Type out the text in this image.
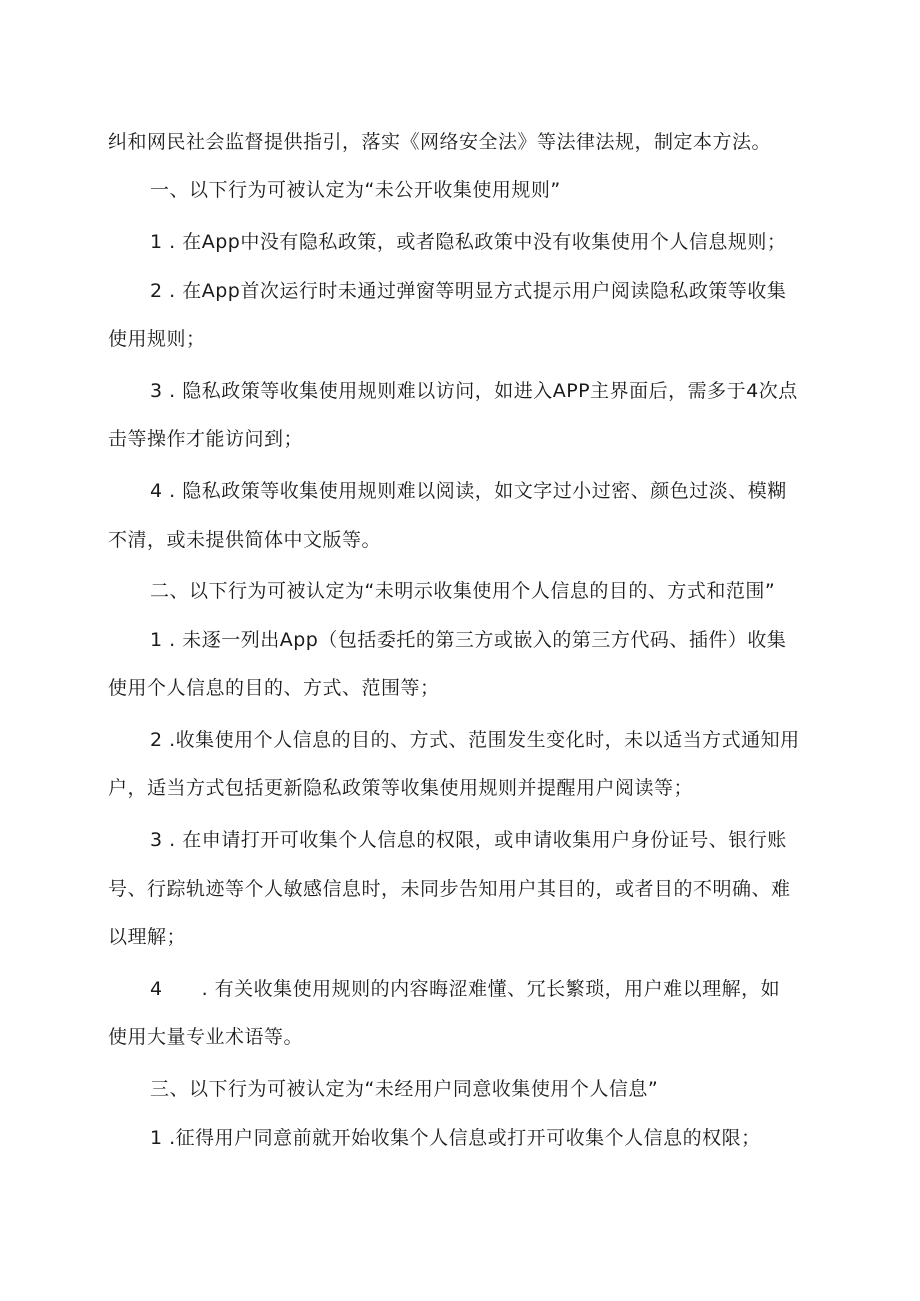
纠和网民社会监督提供指引，落实《网络安全法》等法律法规，制定本方法。
一、以下行为可被认定为“未公开收集使用规则”
1 . 在App中没有隐私政策，或者隐私政策中没有收集使用个人信息规则；
2 . 在App首次运行时未通过弹窗等明显方式提示用户阅读隐私政策等收集
使用规则；
3 . 隐私政策等收集使用规则难以访问，如进入APP主界面后，需多于4次点
击等操作才能访问到；
4 . 隐私政策等收集使用规则难以阅读，如文字过小过密、颜色过淡、模糊
不清，或未提供简体中文版等。
二、以下行为可被认定为“未明示收集使用个人信息的目的、方式和范围”
1 . 未逐一列出App（包括委托的第三方或嵌入的第三方代码、插件）收集
使用个人信息的目的、方式、范围等；
2 .收集使用个人信息的目的、方式、范围发生变化时，未以适当方式通知用
户，适当方式包括更新隐私政策等收集使用规则并提醒用户阅读等；
3 . 在申请打开可收集个人信息的权限，或申请收集用户身份证号、银行账
号、行踪轨迹等个人敏感信息时，未同步告知用户其目的，或者目的不明确、难
以理解；
4　　. 有关收集使用规则的内容晦涩难懂、冗长繁琐，用户难以理解，如
使用大量专业术语等。
三、以下行为可被认定为“未经用户同意收集使用个人信息”
1 .征得用户同意前就开始收集个人信息或打开可收集个人信息的权限；
